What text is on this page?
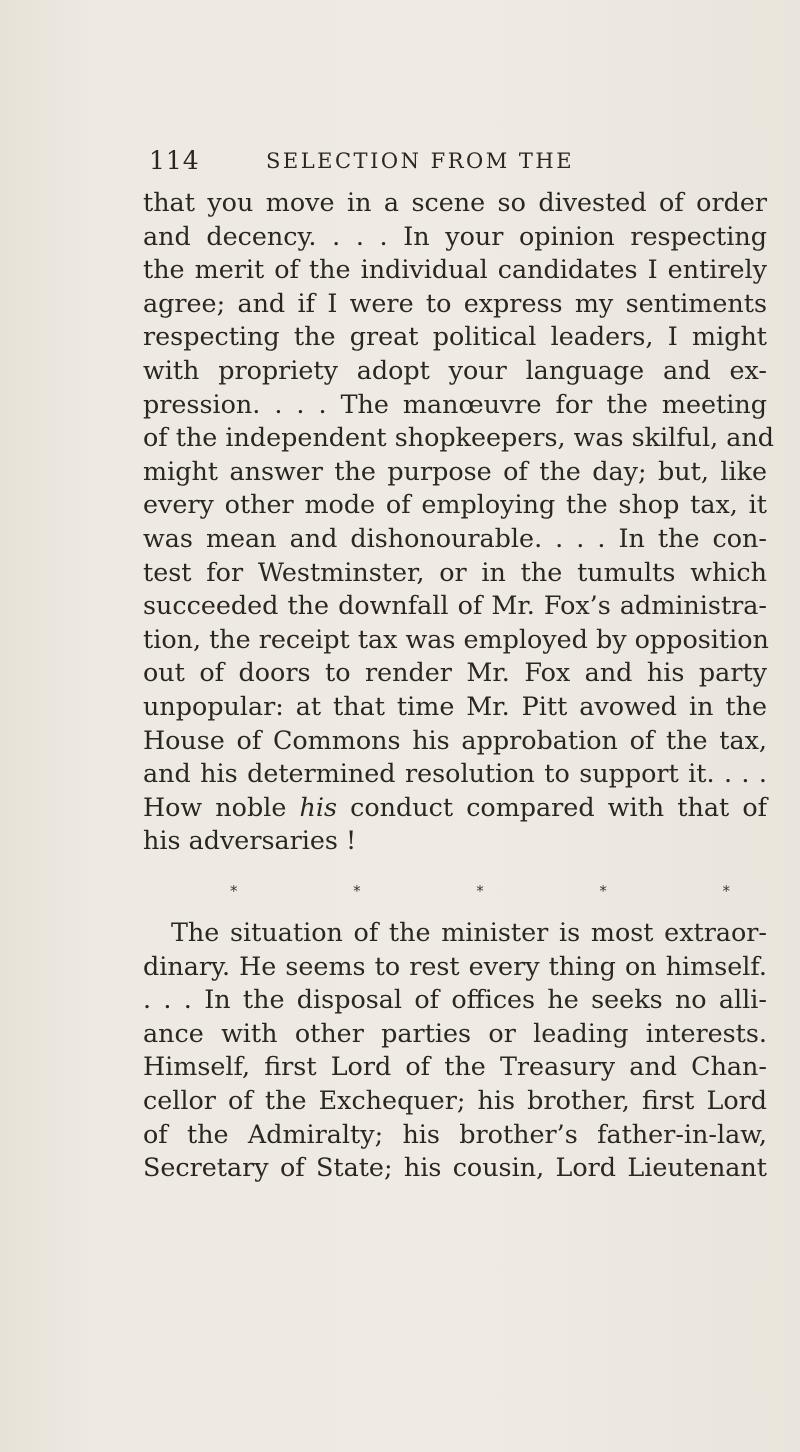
114	SELECTION FROM THE
that you move in a scene so divested of order
and decency. . . . In your opinion respecting
the merit of the individual candidates I entirely
agree; and if I were to express my sentiments
respecting the great political leaders, I might
with propriety adopt your language and ex-
pression. . . . The manœuvre for the meeting
of the independent shopkeepers, was skilful, and
might answer the purpose of the day; but, like
every other mode of employing the shop tax, it
was mean and dishonourable. . . . In the con-
test for Westminster, or in the tumults which
succeeded the downfall of Mr. Fox’s administra-
tion, the receipt tax was employed by opposition
out of doors to render Mr. Fox and his party
unpopular: at that time Mr. Pitt avowed in the
House of Commons his approbation of the tax,
and his determined resolution to support it. . . .
How noble his conduct compared with that of
his adversaries !
*	*	*	*	*
The situation of the minister is most extraor-
dinary. He seems to rest every thing on himself.
. . . In the disposal of offices he seeks no alli-
ance with other parties or leading interests.
Himself, first Lord of the Treasury and Chan-
cellor of the Exchequer; his brother, first Lord
of the Admiralty; his brother’s father-in-law,
Secretary of State; his cousin, Lord Lieutenant
